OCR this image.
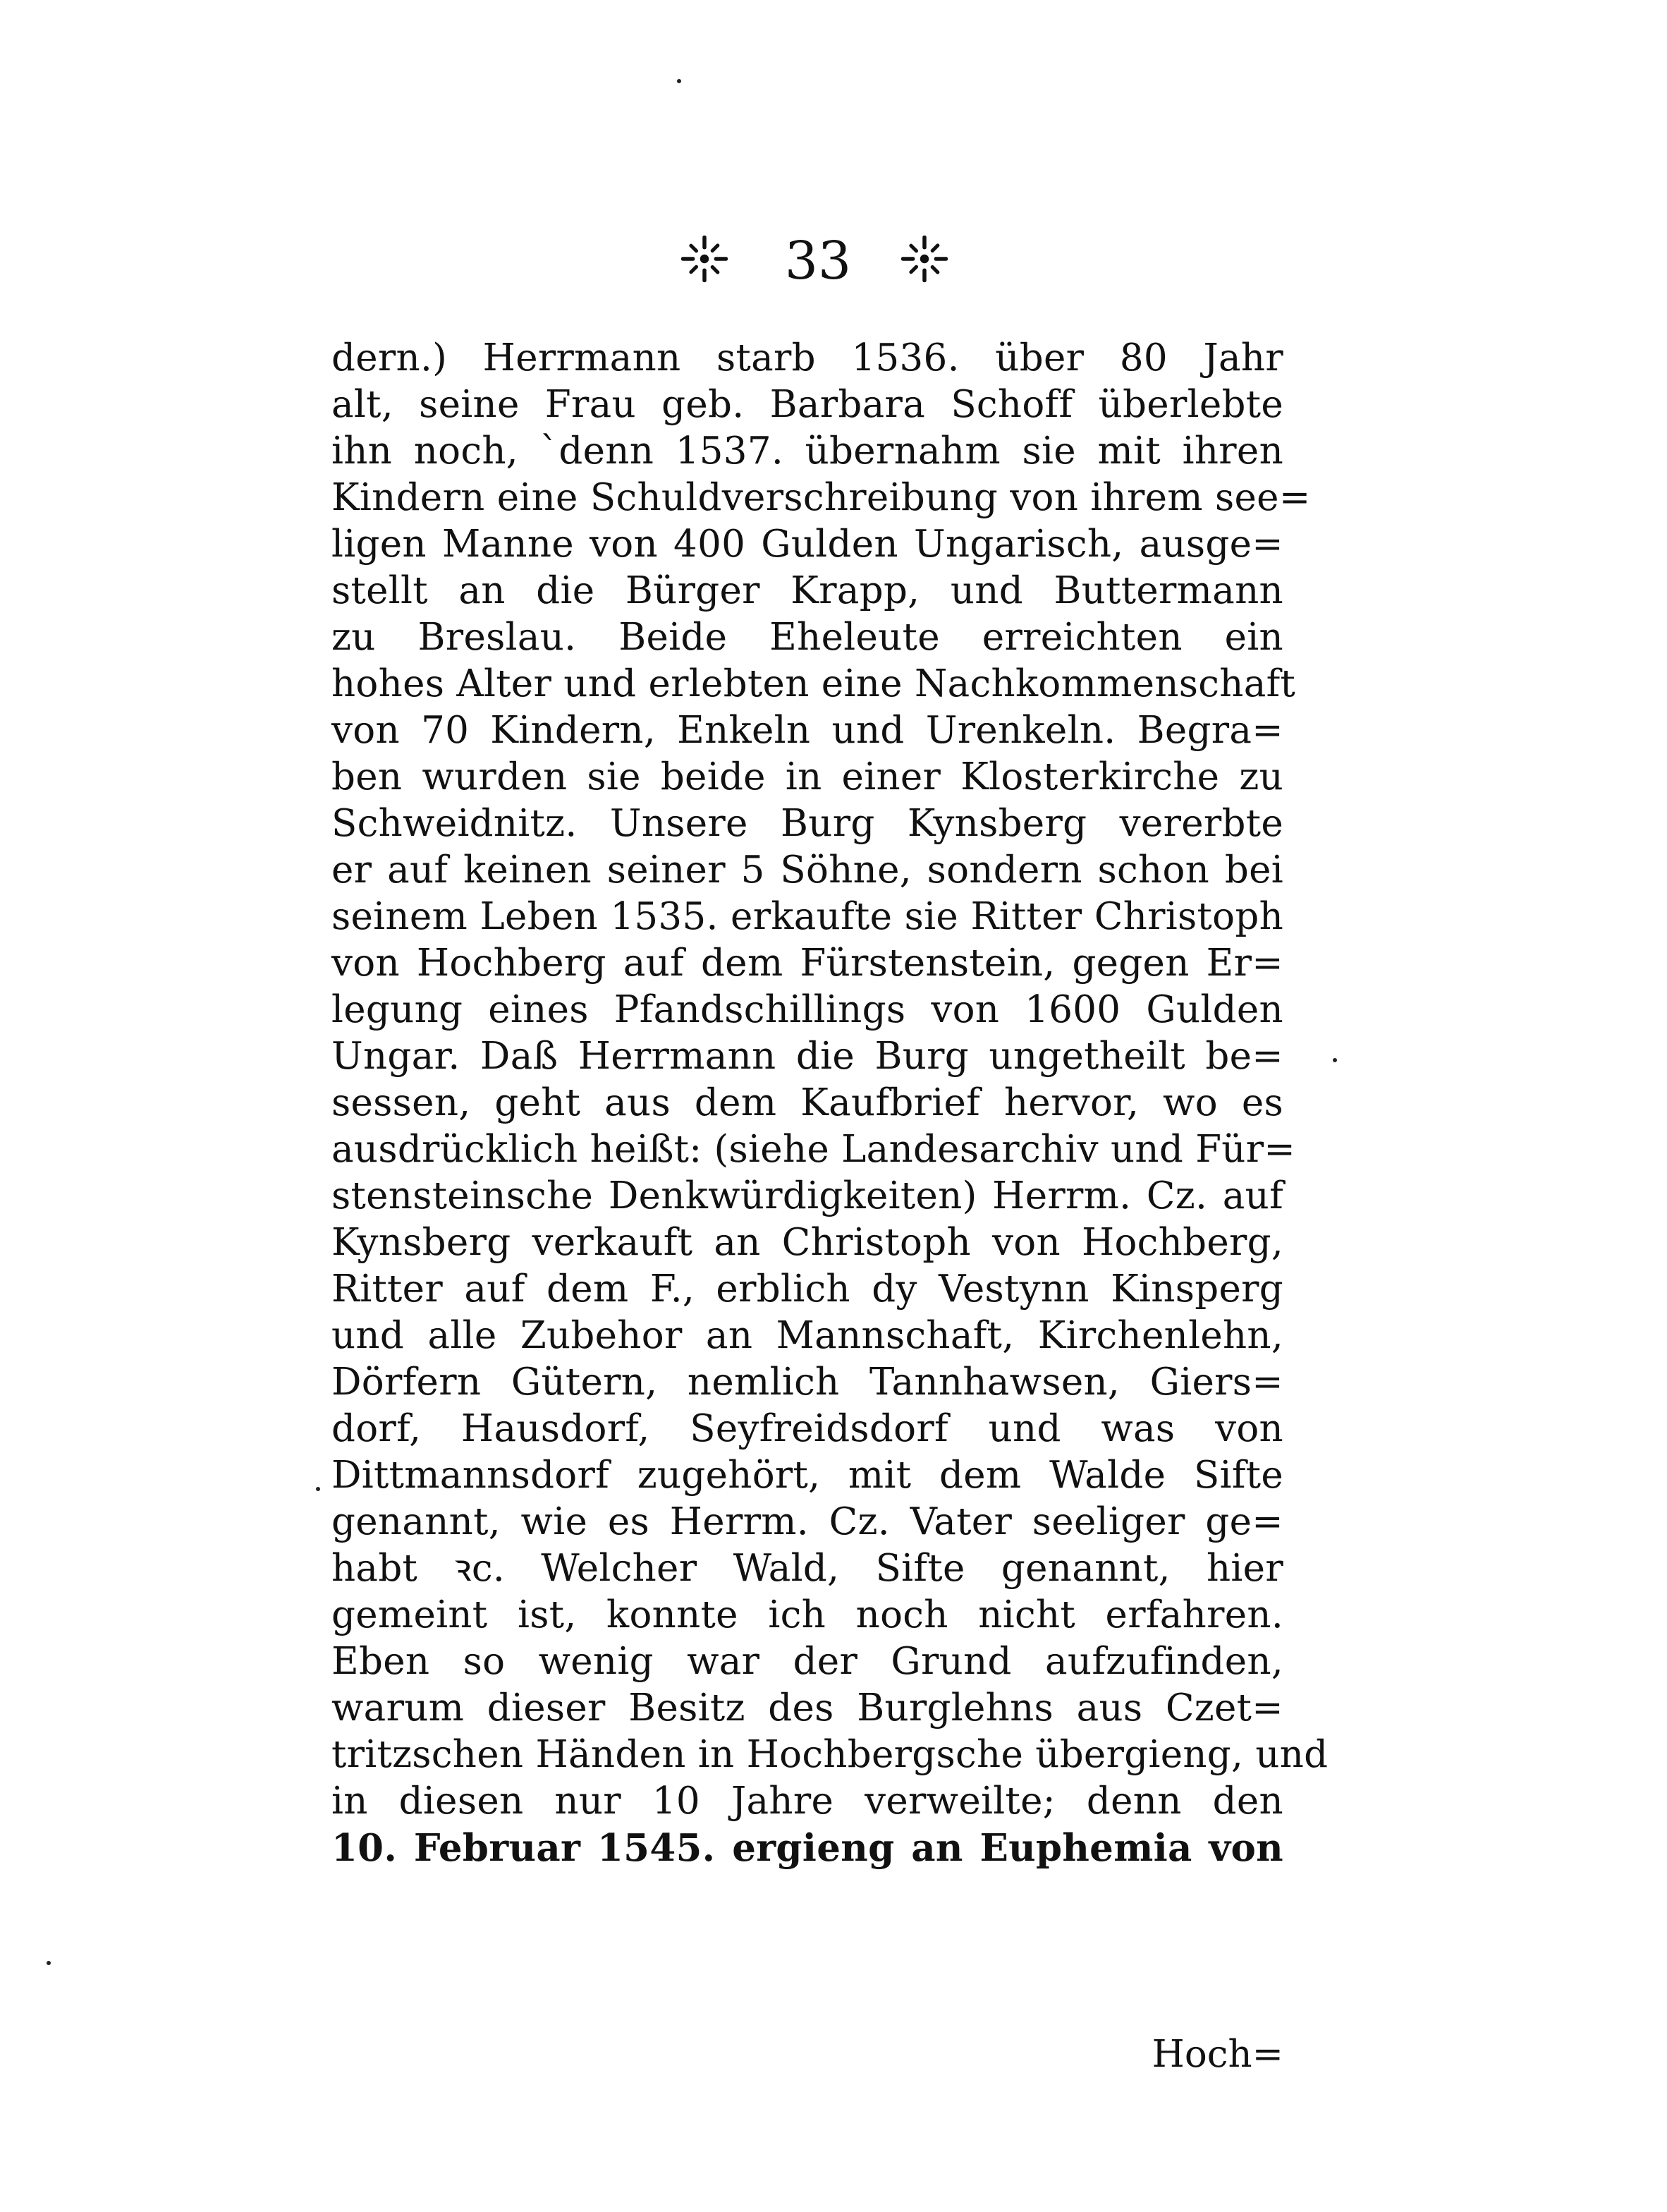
33
dern.) Herrmann starb 1536. über 80 Jahr
alt, seine Frau geb. Barbara Schoff überlebte
ihn noch, `denn 1537. übernahm sie mit ihren
Kindern eine Schuldverschreibung von ihrem see=
ligen Manne von 400 Gulden Ungarisch, ausge=
stellt an die Bürger Krapp, und Buttermann
zu Breslau. Beide Eheleute erreichten ein
hohes Alter und erlebten eine Nachkommenschaft
von 70 Kindern, Enkeln und Urenkeln. Begra=
ben wurden sie beide in einer Klosterkirche zu
Schweidnitz. Unsere Burg Kynsberg vererbte
er auf keinen seiner 5 Söhne, sondern schon bei
seinem Leben 1535. erkaufte sie Ritter Christoph
von Hochberg auf dem Fürstenstein, gegen Er=
legung eines Pfandschillings von 1600 Gulden
Ungar. Daß Herrmann die Burg ungetheilt be=
sessen, geht aus dem Kaufbrief hervor, wo es
ausdrücklich heißt: (siehe Landesarchiv und Für=
stensteinsche Denkwürdigkeiten) Herrm. Cz. auf
Kynsberg verkauft an Christoph von Hochberg,
Ritter auf dem F., erblich dy Vestynn Kinsperg
und alle Zubehor an Mannschaft, Kirchenlehn,
Dörfern Gütern, nemlich Tannhawsen, Giers=
dorf, Hausdorf, Seyfreidsdorf und was von
Dittmannsdorf zugehört, mit dem Walde Sifte
genannt, wie es Herrm. Cz. Vater seeliger ge=
habt ꝛc. Welcher Wald, Sifte genannt, hier
gemeint ist, konnte ich noch nicht erfahren.
Eben so wenig war der Grund aufzufinden,
warum dieser Besitz des Burglehns aus Czet=
tritzschen Händen in Hochbergsche übergieng, und
in diesen nur 10 Jahre verweilte; denn den
10. Februar 1545. ergieng an Euphemia von
Hoch=
